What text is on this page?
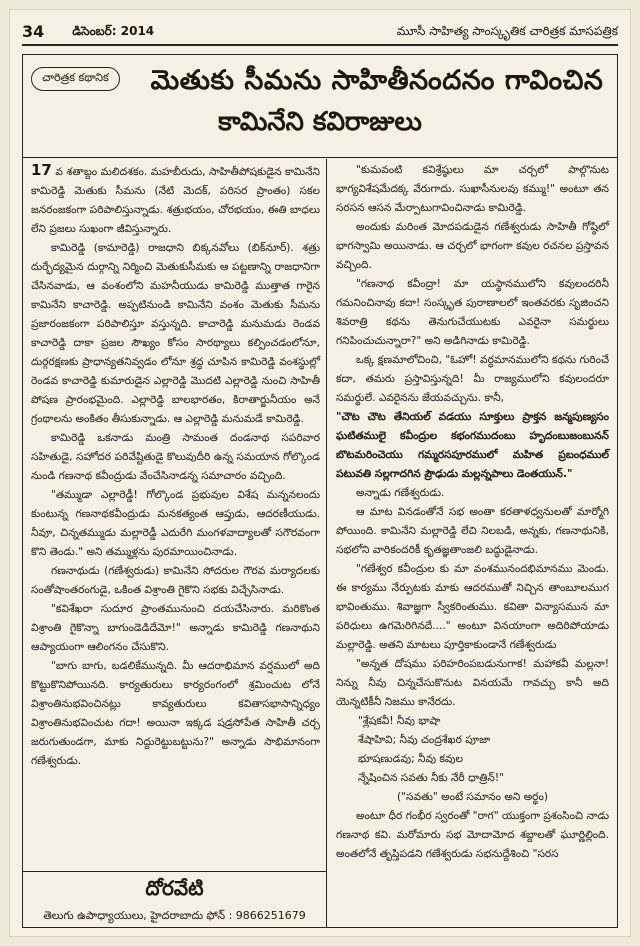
34 డిసెంబర్: 2014	మూసీ సాహిత్య సాంస్కృతిక చారిత్రక మాసపత్రిక
చారిత్రక కథానిక	మెతుకు సీమను సాహితీనందనం గావించిన
కామినేని కవిరాజులు

17 వ శతాబ్దం మలిదశకం. మహబీరుదు, సాహితీపోషకుడైన కామినేని కామిరెడ్డి మెతుకు సీమను (నేటి మెదక్, పరిసర ప్రాంతం) సకల జనరంజకంగా పరిపాలిస్తున్నాడు. శత్రుభయం, చోరభయం, ఈతి బాధలు లేని ప్రజలు సుఖంగా జీవిస్తున్నారు.

కామిరెడ్డి (కామారెడ్డి) రాజధాని బిక్కనవోలు (బిక్‌నూర్). శత్రు దుర్భేద్యమైన దుర్గాన్ని నిర్మించి మెతుకుసీమకు ఆ పట్టణాన్ని రాజధానిగా చేసినవాడు, ఆ వంశంలోని మహనీయుడు కామిరెడ్డి ముత్తాత గారైన కామినేని కాచారెడ్డి. అప్పటినుండి కామినేని వంశం మెతుకు సీమను ప్రజారంజకంగా పరిపాలిస్తూ వస్తున్నది. కాచారెడ్డి మనుమడు రెండవ కాచారెడ్డి దాకా ప్రజల సౌఖ్యం కోసం సారథ్యాలు కల్పించడంలోనూ, దుర్గరక్షణకు ప్రాధాన్యతనివ్వడం లోనూ శ్రద్ధ చూపిన కామిరెడ్డి వంశస్థుల్లో రెండవ కాచారెడ్డి కుమారుడైన ఎల్లారెడ్డి మొదటి ఎల్లారెడ్డి నుంచి సాహితీ పోషణ ప్రారంభమైంది. ఎల్లారెడ్డి బాలభారతం, కిరాతార్జునీయం అనే గ్రంథాలను అంకితం తీసుకున్నాడు. ఆ ఎల్లారెడ్డి మనుమడే కామిరెడ్డి.

కామిరెడ్డి ఒకనాడు మంత్రి సామంత దండనాథ సపరివార సహితుడై, సహోదర పరివేష్టితుడై కొలువుదీరి ఉన్న సమయాన గోల్కొండ నుండి గణనాథ కవీంద్రుడు వేంచేసినాడన్న సమాచారం వచ్చింది.

"తమ్ముడా ఎల్లారెడ్డీ! గోల్కొండ ప్రభువుల విశేష మన్ననలందు కుంటున్న గణనాథకవీంద్రుడు మనకత్యంత ఆప్తుడు, ఆదరణీయుడు. నీవూ, చిన్నతమ్ముడు మల్లారెడ్డీ ఎదురేగి మంగళవాద్యాలతో సగౌరవంగా కొని తెండు." అని తమ్ముళ్లను పురమాయించినాడు.

గణనాథుడు (గణేశ్వరుడు) కామినేని సోదరుల గౌరవ మర్యాదలకు సంతోషాంతరంగుడై, ఒకింత విశ్రాంతి గైకొని సభకు విచ్చేసినాడు.

"కవిశేఖరా సుదూర ప్రాంతమునుంచి దయచేసినారు. మరికొంత విశ్రాంతి గైకొన్నా బాగుండెడిదేమో!" అన్నాడు కామిరెడ్డి గణనాథుని ఆప్యాయంగా ఆలింగనం చేసుకొని.

"బాగు బాగు, బడలికేమున్నది. మీ ఆదరాభిమాన వర్షములో అది కొట్టుకొనిపోయినది. కార్యతురులు కార్యరంగంలో శ్రమించుట లోనే విశ్రాంతినుభవించినట్లు కావ్యతురులు కవితాసభాసాన్నిధ్యం విశ్రాంతినుభవించుట గదా! అయినా ఇక్కడ షడ్రసోపేత సాహితీ చర్చ జరుగుతుండగా, మాకు నిద్దురెట్టుబట్టును?" అన్నాడు సాభిమానంగా గణేశ్వరుడు.

"కుమవంటి కవిశ్రేష్ఠులు మా చర్చలో పాల్గొనుట భాగ్యవిశేషమేదక్క వేరుగాదు. సుఖాసీనులవు కమ్ము!" అంటూ తన సరసన ఆసన మేర్పాటుగావించినాడు కామిరెడ్డి.

అందుకు మరింత మోదపడుడైన గణేశ్వరుడు సాహితీ గోష్ఠిలో భాగస్వామి అయినాడు. ఆ చర్చలో భాగంగా కవుల రచనల ప్రస్తావన వచ్చింది.

"గణనాథ కవీంద్రా! మా యస్థానములోని కవులందరినీ గమనించినావు కదా! సంస్కృత పురాణాలలో ఇంతవరకు సృజించని శివరాత్రి కథను తెనుగుచేయుటకు ఎవరైనా సమర్థులు గనిపించుచున్నారా?" అని అడిగినాడు కామిరెడ్డి.

ఒక్క క్షణమాలోచించి, "ఓహో! వర్ధమానములోని కథను గురించే కదా, తమరు ప్రస్తావిస్తున్నది! మీ రాజ్యములోని కవులందరూ సమర్థులే. ఎవరైనను జేయవచ్చును. కానీ,

"చౌట చౌట తేనియల్ వడయు సూక్తులు ప్రాక్తన జన్మపుణ్యసం ఘటితములై కవీంద్రుల కభంగముదంబు హృదంబుజంబునన్ బొటమరించెయు గమ్మరసపూరములో మహిత ప్రబంధముల్ పటువతి సల్లగాదగిన ప్రౌఢుడు మల్లన్నపాలు డెంతయున్."

అన్నాడు గణేశ్వరుడు.

ఆ మాట వినడంతోనే సభ అంతా కరతాళధ్వనులతో మార్మోగి పోయింది. కామినేని మల్లారెడ్డి లేచి నిలబడి, అన్నకు, గణనాథునికి, సభలోని వారికందరికీ కృతజ్ఞతాంజలి బద్ధుడైనాడు.

"గణేశ్వర కవీంద్రుల కు మా వంశమునందభిమానము మెండు. ఈ కార్యము నేర్పుటకు మాకు ఆదరముతో నిచ్చిన తాంబూలముగ భావింతుము. శివాజ్ఞగా స్వీకరింతుము. కవితా విన్యాసమున మా పరిధులు ఉగమెరిగినదే...." అంటూ వినయాంగా అదిరిపోయాడు మల్లారెడ్డి. అతని మాటలు పూర్తికాకుండానే గణేశ్వరుడు

"అన్నత దోషము పరిహరింపబడునుగాక! మహాకవీ మల్లనా! నిన్ను నీవు చిన్నచేసుకొనుట వినయమే గావచ్చు కానీ అది యెన్నటికీనీ నిజము కానేరదు.

"శ్లేషకవీ! నీవు భాషా

శేషాహివి; నీవు చంద్రశేఖర పూజా

భూషణుడవు; నీవు కవుల

న్నేషించిన సవతు నీకు నేరీ ధాత్రిన్!"

("సవతు" అంటే సమానం అని అర్థం)

అంటూ ధీర గంభీర స్వరంతో "రాగ" యుక్తంగా ప్రశంసించి నాడు గణనాథ కవి. మరోమారు సభ మోదామోద శబ్దాలతో ఘూర్ణిల్లింది. అంతలోనే తృప్తిపడని గణేశ్వరుడు సభనుద్దేశించి "సరస

దోరవేటి
తెలుగు ఉపాధ్యాయులు, హైదరాబాదు ఫోన్ : 9866251679
